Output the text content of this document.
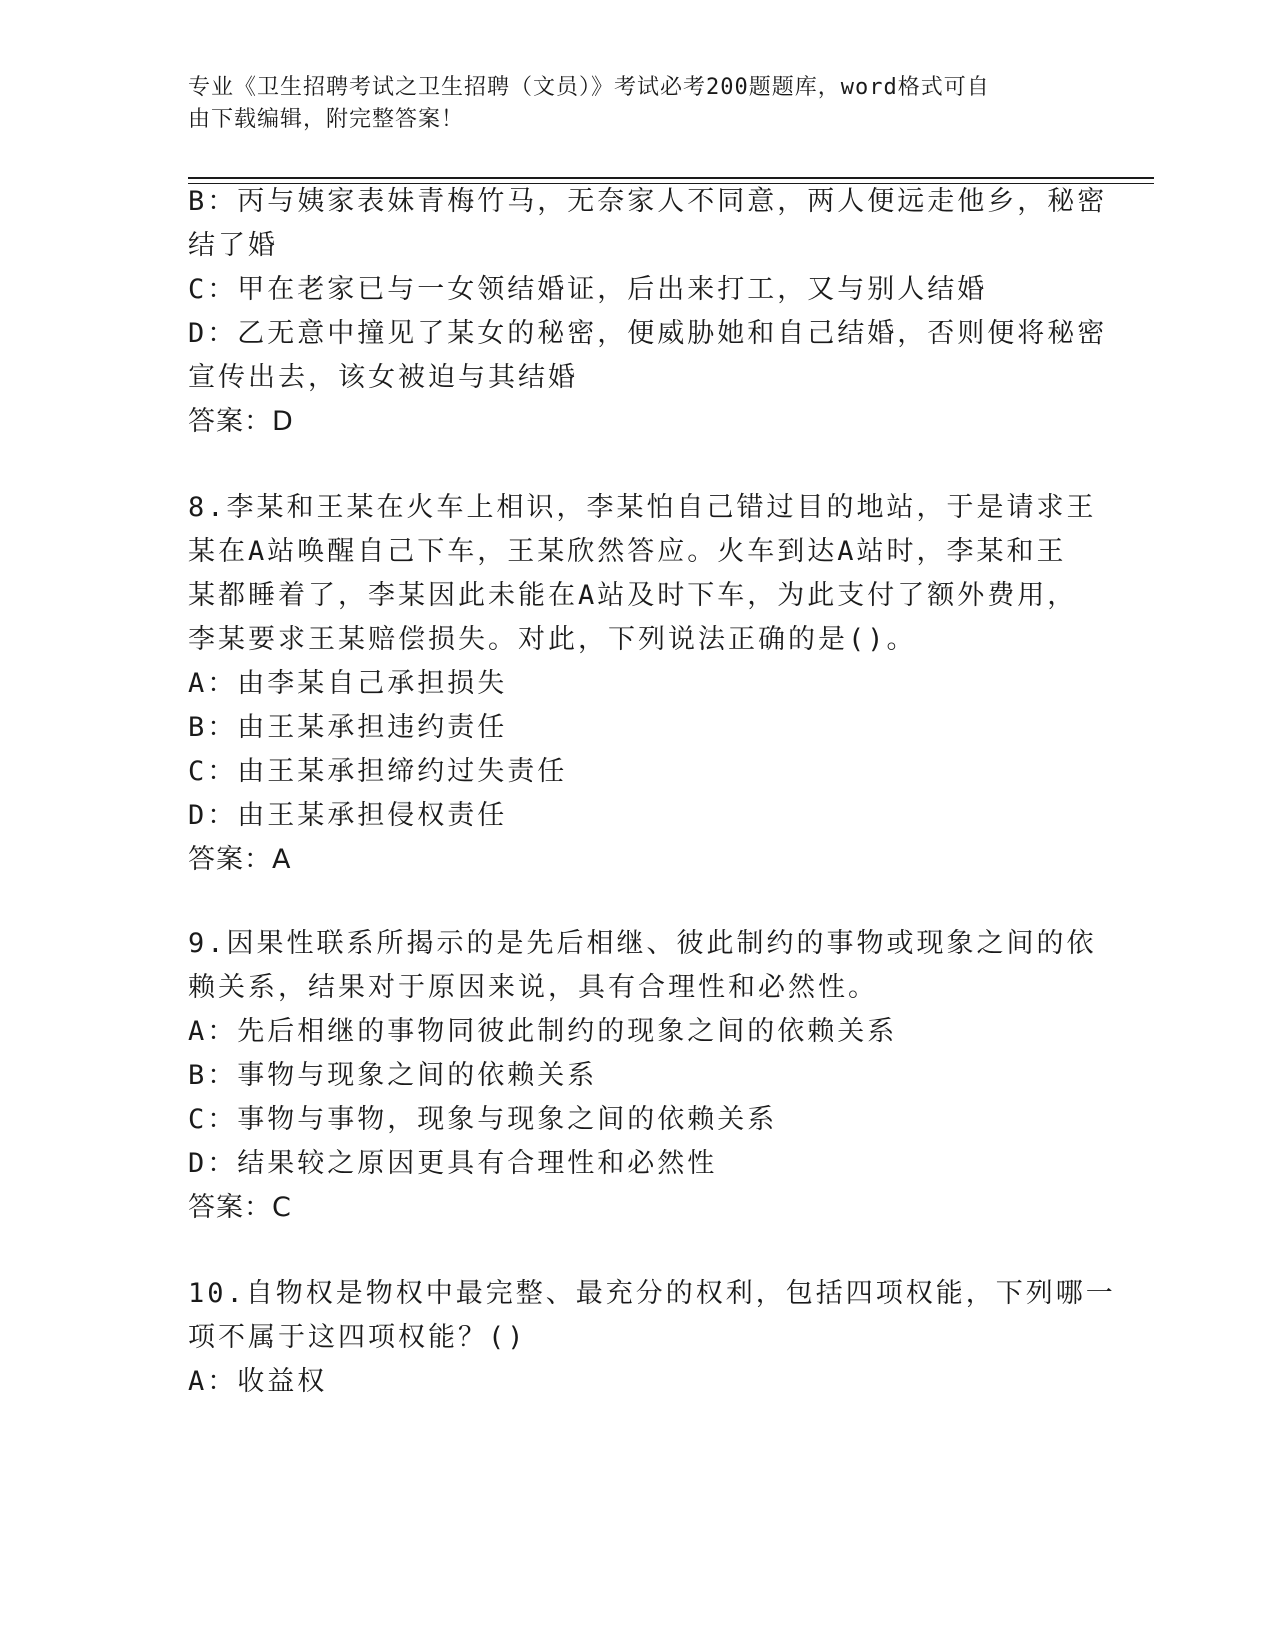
专业《卫生招聘考试之卫生招聘（文员）》考试必考200题题库，word格式可自
由下载编辑，附完整答案！
B：丙与姨家表妹青梅竹马，无奈家人不同意，两人便远走他乡，秘密
结了婚
C：甲在老家已与一女领结婚证，后出来打工，又与别人结婚
D：乙无意中撞见了某女的秘密，便威胁她和自己结婚，否则便将秘密
宣传出去，该女被迫与其结婚
答案：D
8.李某和王某在火车上相识，李某怕自己错过目的地站，于是请求王
某在A站唤醒自己下车，王某欣然答应。火车到达A站时，李某和王
某都睡着了，李某因此未能在A站及时下车，为此支付了额外费用，
李某要求王某赔偿损失。对此，下列说法正确的是()。
A：由李某自己承担损失
B：由王某承担违约责任
C：由王某承担缔约过失责任
D：由王某承担侵权责任
答案：A
9.因果性联系所揭示的是先后相继、彼此制约的事物或现象之间的依
赖关系，结果对于原因来说，具有合理性和必然性。
A：先后相继的事物同彼此制约的现象之间的依赖关系
B：事物与现象之间的依赖关系
C：事物与事物，现象与现象之间的依赖关系
D：结果较之原因更具有合理性和必然性
答案：C
10.自物权是物权中最完整、最充分的权利，包括四项权能，下列哪一
项不属于这四项权能？()
A：收益权
